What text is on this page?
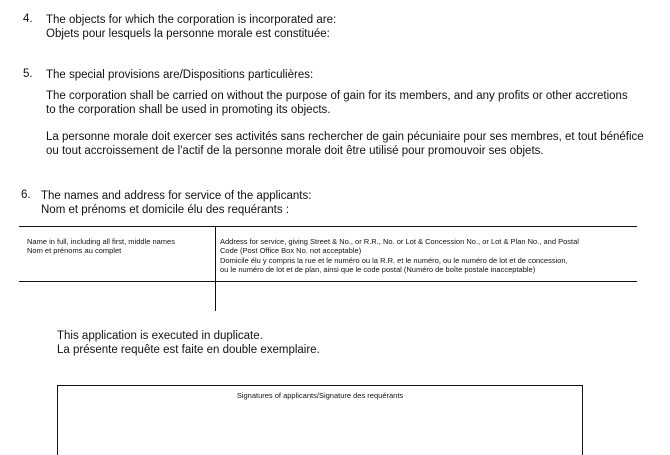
4. The objects for which the corporation is incorporated are:
Objets pour lesquels la personne morale est constituée:
5. The special provisions are/Dispositions particulières:
The corporation shall be carried on without the purpose of gain for its members, and any profits or other accretions
to the corporation shall be used in promoting its objects.
La personne morale doit exercer ses activités sans rechercher de gain pécuniaire pour ses membres, et tout bénéfice
ou tout accroissement de l'actif de la personne morale doit être utilisé pour promouvoir ses objets.
6. The names and address for service of the applicants:
Nom et prénoms et domicile élu des requérants :
Name in full, including all first, middle names
Nom et prénoms au complet
Address for service, giving Street & No., or R.R., No. or Lot & Concession No., or Lot & Plan No., and Postal
Code (Post Office Box No. not acceptable)
Domicile élu y compris la rue et le numéro ou la R.R. et le numéro, ou le numéro de lot et de concession,
ou le numéro de lot et de plan, ainsi que le code postal (Numéro de boîte postale inacceptable)
This application is executed in duplicate.
La présente requête est faite en double exemplaire.
Signatures of applicants/Signature des requérants
